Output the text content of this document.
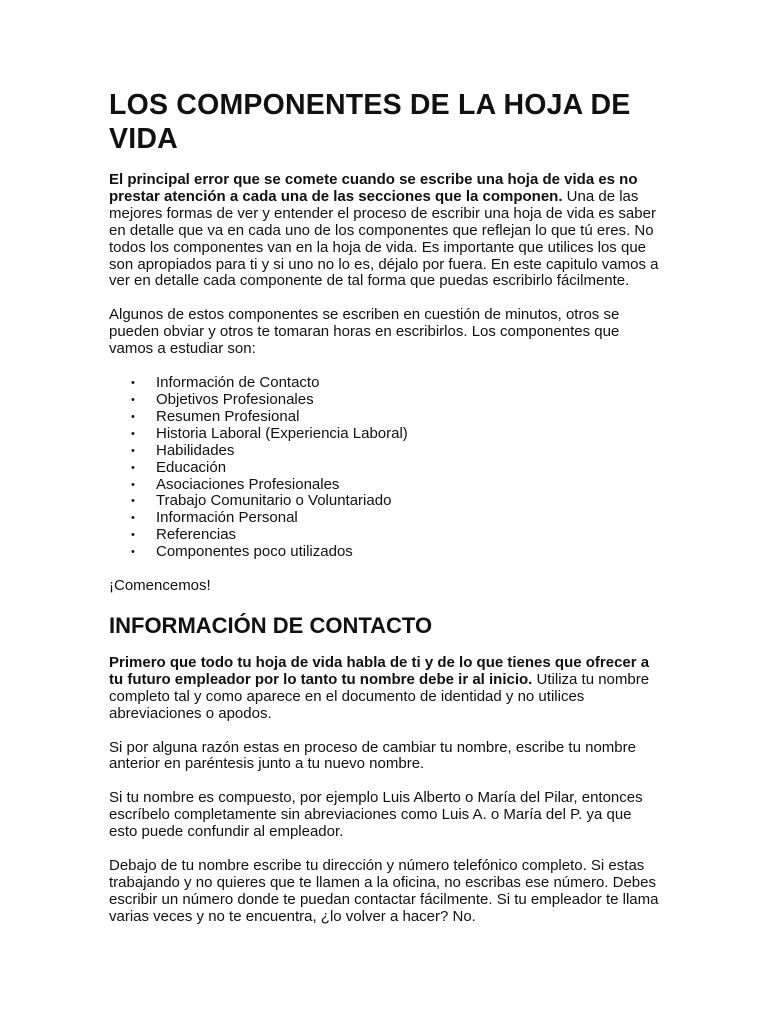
LOS COMPONENTES DE LA HOJA DE VIDA

El principal error que se comete cuando se escribe una hoja de vida es no prestar atención a cada una de las secciones que la componen. Una de las mejores formas de ver y entender el proceso de escribir una hoja de vida es saber en detalle que va en cada uno de los componentes que reflejan lo que tú eres. No todos los componentes van en la hoja de vida. Es importante que utilices los que son apropiados para ti y si uno no lo es, déjalo por fuera. En este capitulo vamos a ver en detalle cada componente de tal forma que puedas escribirlo fácilmente.

Algunos de estos componentes se escriben en cuestión de minutos, otros se pueden obviar y otros te tomaran horas en escribirlos. Los componentes que vamos a estudiar son:

• Información de Contacto
• Objetivos Profesionales
• Resumen Profesional
• Historia Laboral (Experiencia Laboral)
• Habilidades
• Educación
• Asociaciones Profesionales
• Trabajo Comunitario o Voluntariado
• Información Personal
• Referencias
• Componentes poco utilizados

¡Comencemos!

INFORMACIÓN DE CONTACTO

Primero que todo tu hoja de vida habla de ti y de lo que tienes que ofrecer a tu futuro empleador por lo tanto tu nombre debe ir al inicio. Utiliza tu nombre completo tal y como aparece en el documento de identidad y no utilices abreviaciones o apodos.

Si por alguna razón estas en proceso de cambiar tu nombre, escribe tu nombre anterior en paréntesis junto a tu nuevo nombre.

Si tu nombre es compuesto, por ejemplo Luis Alberto o María del Pilar, entonces escríbelo completamente sin abreviaciones como Luis A. o María del P. ya que esto puede confundir al empleador.

Debajo de tu nombre escribe tu dirección y número telefónico completo. Si estas trabajando y no quieres que te llamen a la oficina, no escribas ese número. Debes escribir un número donde te puedan contactar fácilmente. Si tu empleador te llama varias veces y no te encuentra, ¿lo volver a hacer? No.
